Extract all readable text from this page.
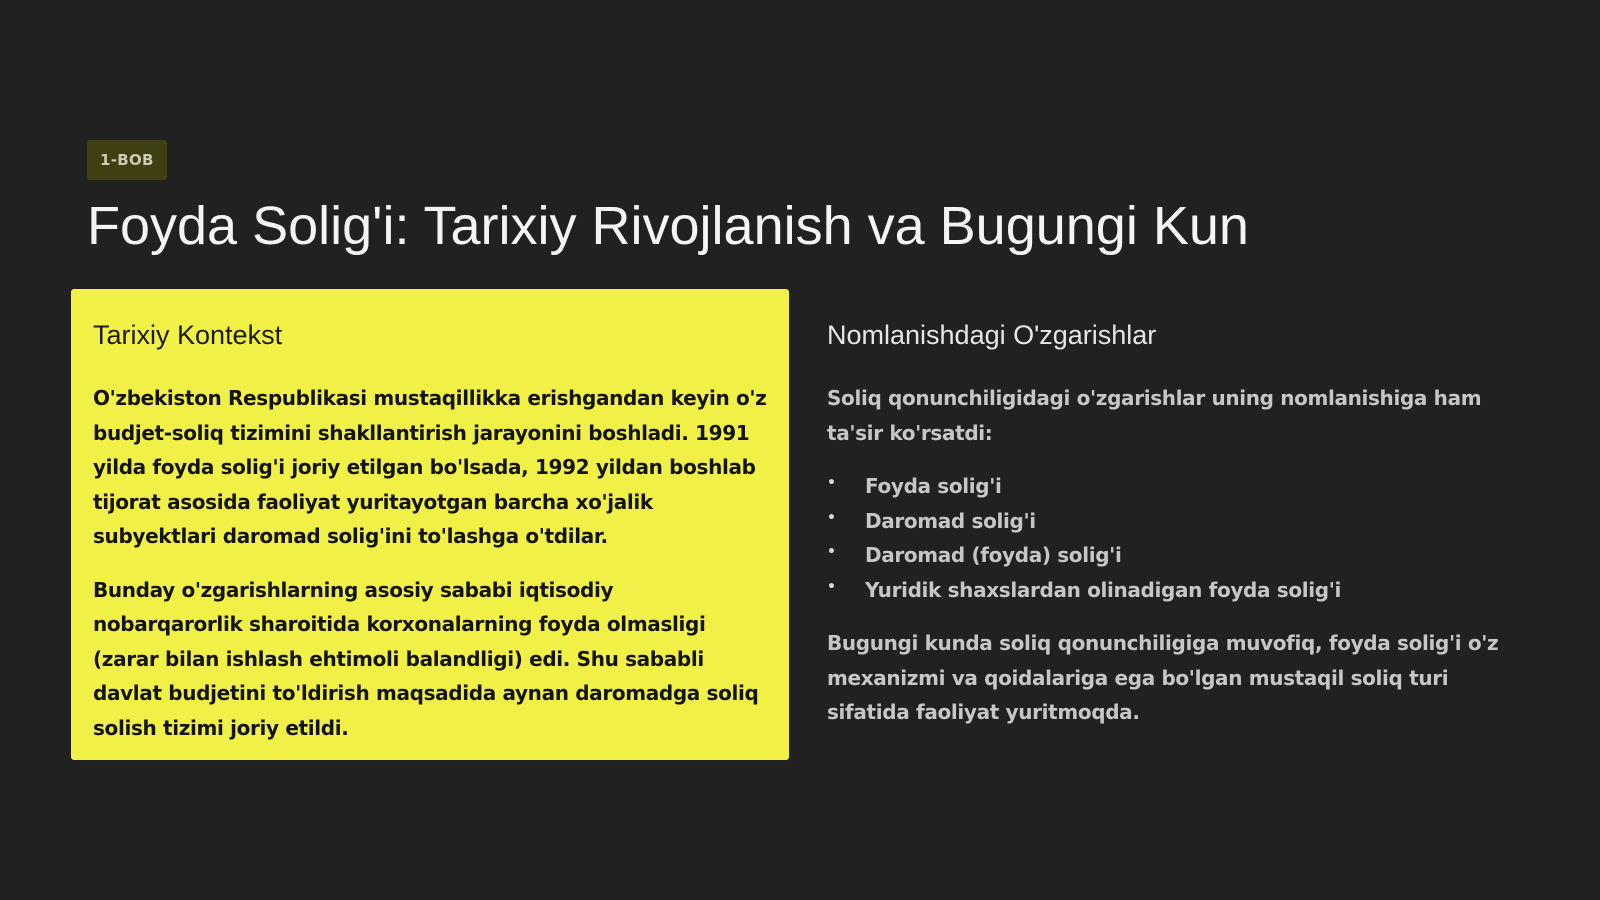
1-BOB
Foyda Solig'i: Tarixiy Rivojlanish va Bugungi Kun
Tarixiy Kontekst

O'zbekiston Respublikasi mustaqillikka erishgandan keyin o'z budjet-soliq tizimini shakllantirish jarayonini boshladi. 1991 yilda foyda solig'i joriy etilgan bo'lsada, 1992 yildan boshlab tijorat asosida faoliyat yuritayotgan barcha xo'jalik subyektlari daromad solig'ini to'lashga o'tdilar.

Bunday o'zgarishlarning asosiy sababi iqtisodiy nobarqarorlik sharoitida korxonalarning foyda olmasligi (zarar bilan ishlash ehtimoli balandligi) edi. Shu sababli davlat budjetini to'ldirish maqsadida aynan daromadga soliq solish tizimi joriy etildi.

Nomlanishdagi O'zgarishlar

Soliq qonunchiligidagi o'zgarishlar uning nomlanishiga ham ta'sir ko'rsatdi:

• Foyda solig'i
• Daromad solig'i
• Daromad (foyda) solig'i
• Yuridik shaxslardan olinadigan foyda solig'i

Bugungi kunda soliq qonunchiligiga muvofiq, foyda solig'i o'z mexanizmi va qoidalariga ega bo'lgan mustaqil soliq turi sifatida faoliyat yuritmoqda.
